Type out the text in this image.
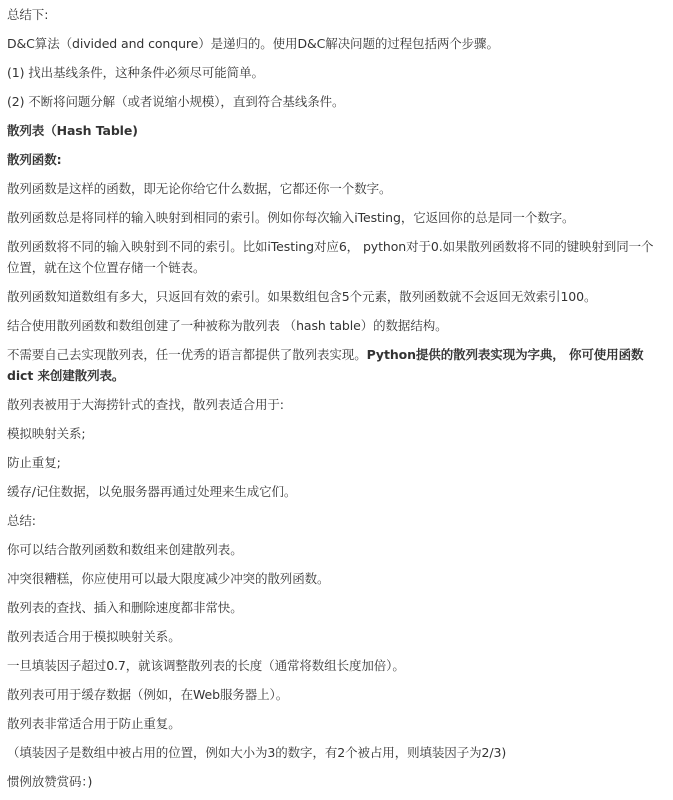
总结下:

D&C算法（divided and conqure）是递归的。使用D&C解决问题的过程包括两个步骤。

(1) 找出基线条件，这种条件必须尽可能简单。

(2) 不断将问题分解（或者说缩小规模），直到符合基线条件。

散列表（Hash Table)

散列函数:

散列函数是这样的函数，即无论你给它什么数据，它都还你一个数字。

散列函数总是将同样的输入映射到相同的索引。例如你每次输入iTesting，它返回你的总是同一个数字。

散列函数将不同的输入映射到不同的索引。比如iTesting对应6， python对于0.如果散列函数将不同的键映射到同一个位置，就在这个位置存储一个链表。

散列函数知道数组有多大，只返回有效的索引。如果数组包含5个元素，散列函数就不会返回无效索引100。

结合使用散列函数和数组创建了一种被称为散列表 （hash table）的数据结构。

不需要自己去实现散列表，任一优秀的语言都提供了散列表实现。Python提供的散列表实现为字典， 你可使用函数dict 来创建散列表。

散列表被用于大海捞针式的查找，散列表适合用于:

模拟映射关系;

防止重复;

缓存/记住数据，以免服务器再通过处理来生成它们。

总结:

你可以结合散列函数和数组来创建散列表。

冲突很糟糕，你应使用可以最大限度减少冲突的散列函数。

散列表的查找、插入和删除速度都非常快。

散列表适合用于模拟映射关系。

一旦填装因子超过0.7，就该调整散列表的长度（通常将数组长度加倍）。

散列表可用于缓存数据（例如，在Web服务器上）。

散列表非常适合用于防止重复。

（填装因子是数组中被占用的位置，例如大小为3的数字，有2个被占用，则填装因子为2/3)

惯例放赞赏码：)
